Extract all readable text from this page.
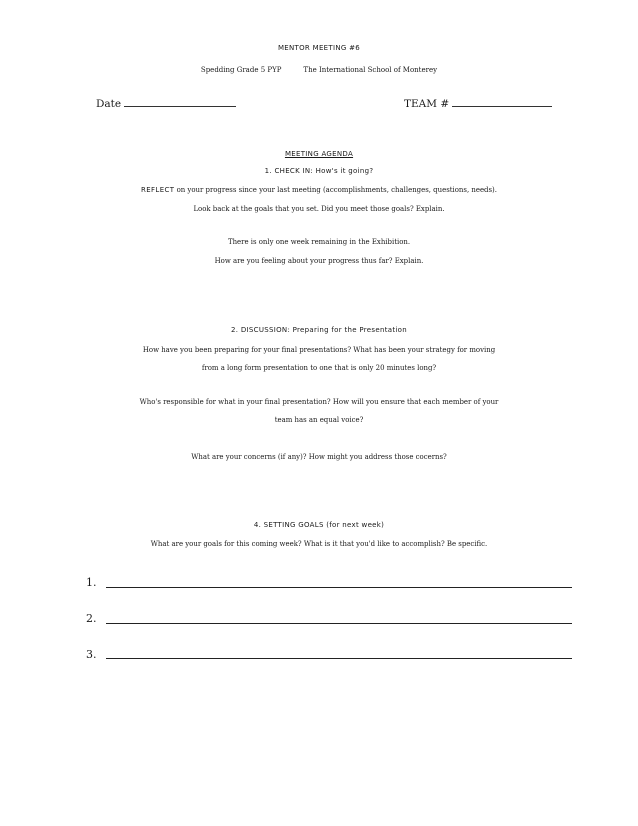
MENTOR MEETING #6
Spedding Grade 5 PYP	The International School of Monterey
Date	TEAM #
MEETING AGENDA
1. CHECK IN: How's it going?
REFLECT on your progress since your last meeting (accomplishments, challenges, questions, needs).
Look back at the goals that you set. Did you meet those goals? Explain.
There is only one week remaining in the Exhibition.
How are you feeling about your progress thus far? Explain.
2. DISCUSSION: Preparing for the Presentation
How have you been preparing for your final presentations? What has been your strategy for moving
from a long form presentation to one that is only 20 minutes long?
Who's responsible for what in your final presentation? How will you ensure that each member of your
team has an equal voice?
What are your concerns (if any)? How might you address those cocerns?
4. SETTING GOALS (for next week)
What are your goals for this coming week? What is it that you'd like to accomplish? Be specific.
1.
2.
3.
